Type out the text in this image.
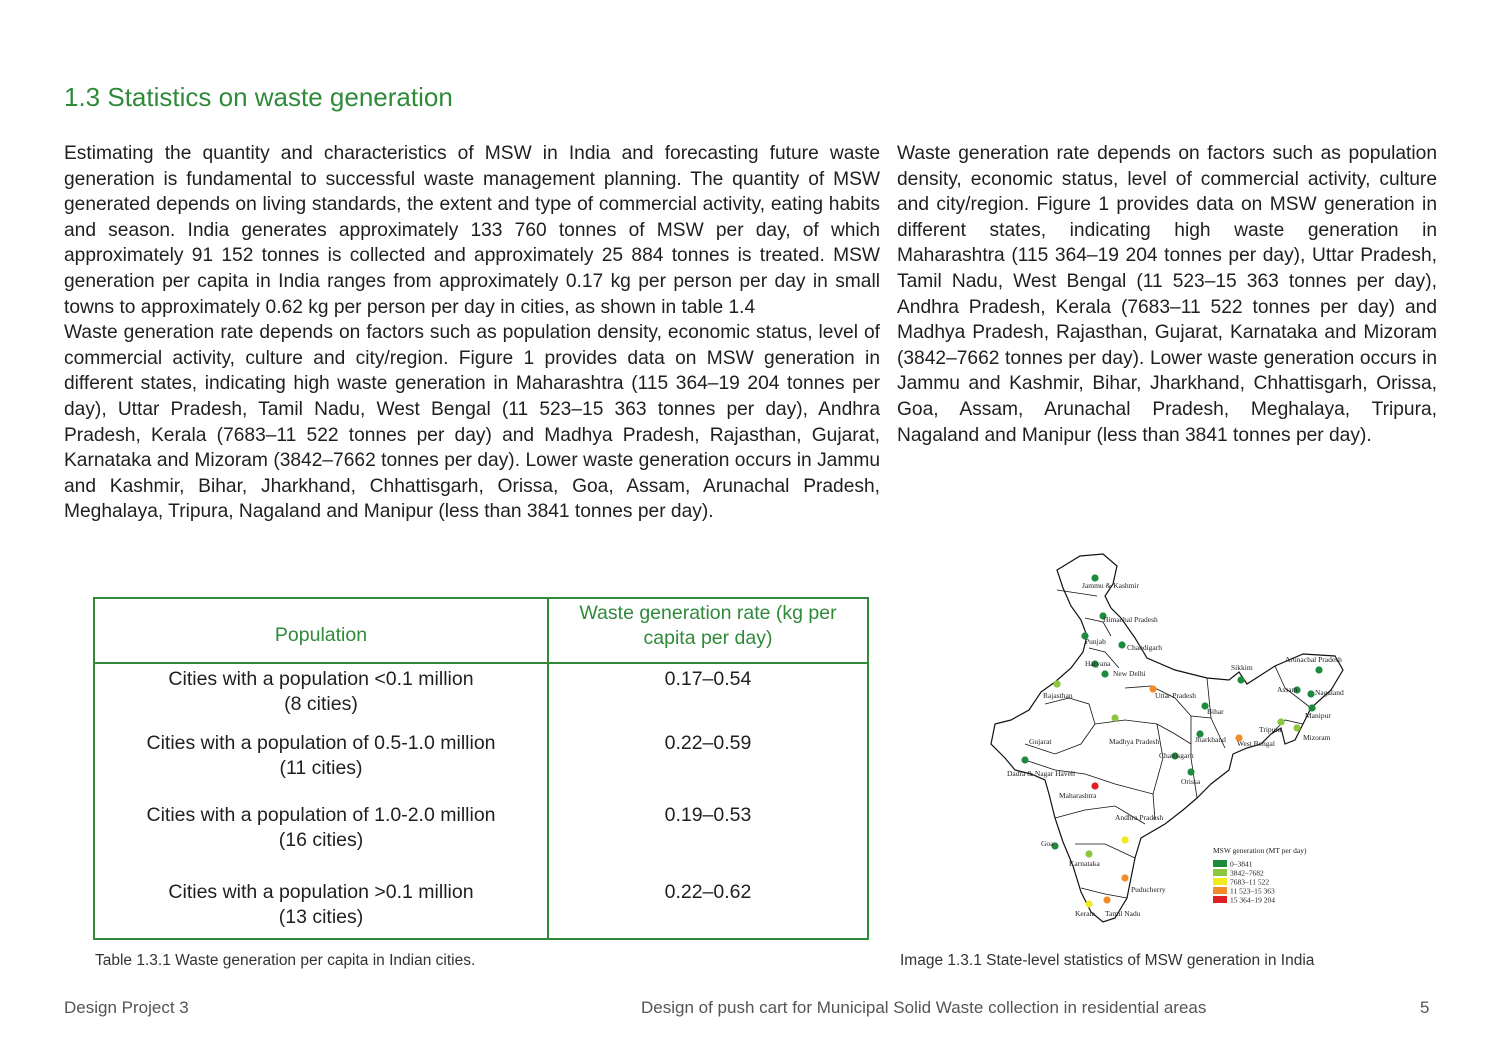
1.3 Statistics on waste generation

Estimating the quantity and characteristics of MSW in India and forecasting future waste generation is fundamental to successful waste management planning. The quantity of MSW generated depends on living standards, the extent and type of commercial activity, eating habits and season. India generates approximately 133 760 tonnes of MSW per day, of which approximately 91 152 tonnes is collected and approximately 25 884 tonnes is treated. MSW generation per capita in India ranges from approximately 0.17 kg per person per day in small towns to approximately 0.62 kg per person per day in cities, as shown in table 1.4

Waste generation rate depends on factors such as population density, economic status, level of commercial activity, culture and city/region. Figure 1 provides data on MSW generation in different states, indicating high waste generation in Maharashtra (115 364–19 204 tonnes per day), Uttar Pradesh, Tamil Nadu, West Bengal (11 523–15 363 tonnes per day), Andhra Pradesh, Kerala (7683–11 522 tonnes per day) and Madhya Pradesh, Rajasthan, Gujarat, Karnataka and Mizoram (3842–7662 tonnes per day). Lower waste generation occurs in Jammu and Kashmir, Bihar, Jharkhand, Chhattisgarh, Orissa, Goa, Assam, Arunachal Pradesh, Meghalaya, Tripura, Nagaland and Manipur (less than 3841 tonnes per day).

Waste generation rate depends on factors such as population density, economic status, level of commercial activity, culture and city/region. Figure 1 provides data on MSW generation in different states, indicating high waste generation in Maharashtra (115 364–19 204 tonnes per day), Uttar Pradesh, Tamil Nadu, West Bengal (11 523–15 363 tonnes per day), Andhra Pradesh, Kerala (7683–11 522 tonnes per day) and Madhya Pradesh, Rajasthan, Gujarat, Karnataka and Mizoram (3842–7662 tonnes per day). Lower waste generation occurs in Jammu and Kashmir, Bihar, Jharkhand, Chhattisgarh, Orissa, Goa, Assam, Arunachal Pradesh, Meghalaya, Tripura, Nagaland and Manipur (less than 3841 tonnes per day).

Population
Waste generation rate (kg per capita per day)
Cities with a population <0.1 million
(8 cities)
0.17–0.54
Cities with a population of 0.5-1.0 million
(11 cities)
0.22–0.59
Cities with a population of 1.0-2.0 million
(16 cities)
0.19–0.53
Cities with a population >0.1 million
(13 cities)
0.22–0.62
Table 1.3.1 Waste generation per capita in Indian cities.
Jammu & Kashmir
Himachal Pradesh
Punjab
Chandigarh
Haryana
New Delhi
Rajasthan	Uttar Pradesh
Bihar
Sikkim
Arunachal Pradesh
Assam Nagaland
Manipur
Mizoram
Tripura
Jharkhand West Bengal
Gujarat	Madhya Pradesh
Chattisgarh
Orissa
Dadra & Nagar Haveli
Maharashtra
Andhra Pradesh
Goa
Karnataka
Puducherry
Kerala Tamil Nadu
MSW generation (MT per day)
0–3841
3842–7682
7683–11 522
11 523–15 363
15 364–19 204
Image 1.3.1 State-level statistics of MSW generation in India
Design Project 3	Design of push cart for Municipal Solid Waste collection in residential areas	5
